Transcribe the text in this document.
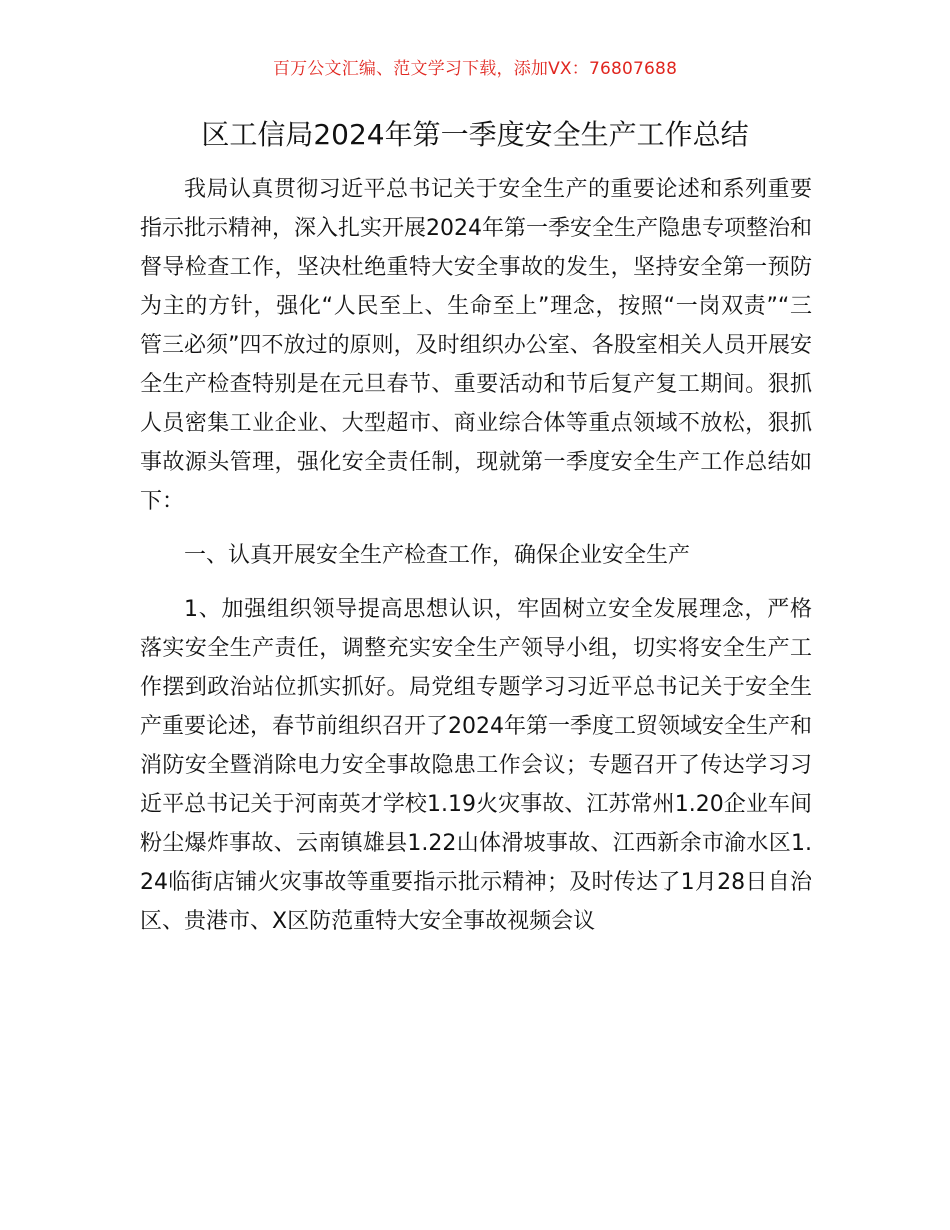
百万公文汇编、范文学习下载，添加VX：76807688
区工信局2024年第一季度安全生产工作总结

我局认真贯彻习近平总书记关于安全生产的重要论述和系列重要指示批示精神，深入扎实开展2024年第一季安全生产隐患专项整治和督导检查工作，坚决杜绝重特大安全事故的发生，坚持安全第一预防为主的方针，强化“人民至上、生命至上”理念，按照“一岗双责”“三管三必须”四不放过的原则，及时组织办公室、各股室相关人员开展安全生产检查特别是在元旦春节、重要活动和节后复产复工期间。狠抓人员密集工业企业、大型超市、商业综合体等重点领域不放松，狠抓事故源头管理，强化安全责任制，现就第一季度安全生产工作总结如下：

一、认真开展安全生产检查工作，确保企业安全生产

1、加强组织领导提高思想认识，牢固树立安全发展理念，严格落实安全生产责任，调整充实安全生产领导小组，切实将安全生产工作摆到政治站位抓实抓好。局党组专题学习习近平总书记关于安全生产重要论述，春节前组织召开了2024年第一季度工贸领域安全生产和消防安全暨消除电力安全事故隐患工作会议；专题召开了传达学习习近平总书记关于河南英才学校1.19火灾事故、江苏常州1.20企业车间粉尘爆炸事故、云南镇雄县1.22山体滑坡事故、江西新余市渝水区1.24临街店铺火灾事故等重要指示批示精神；及时传达了1月28日自治区、贵港市、X区防范重特大安全事故视频会议
